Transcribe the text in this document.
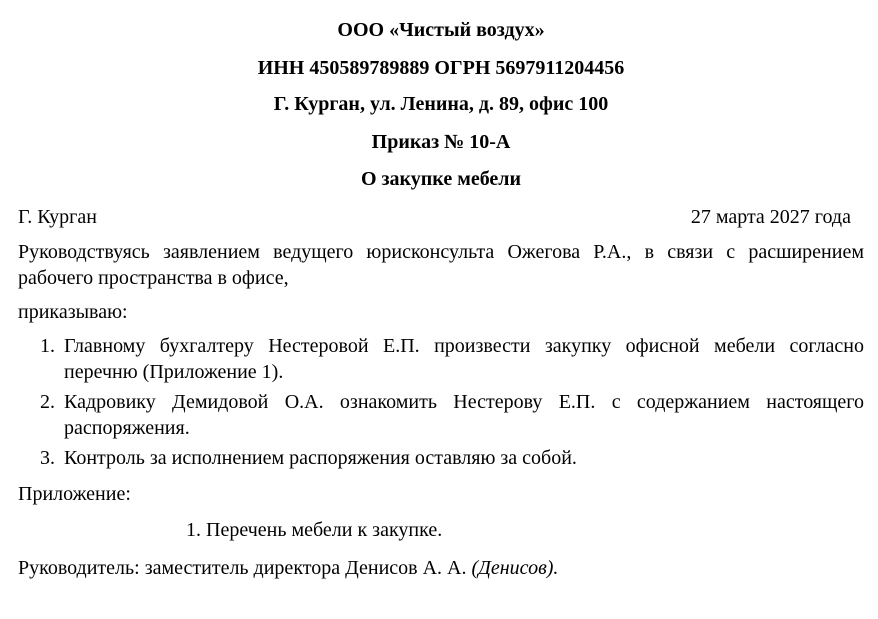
ООО «Чистый воздух»

ИНН 450589789889 ОГРН 5697911204456

Г. Курган, ул. Ленина, д. 89, офис 100

Приказ № 10-А

О закупке мебели

Г. Курган	27 марта 2027 года

Руководствуясь заявлением ведущего юрисконсульта Ожегова Р.А., в связи с расширением рабочего пространства в офисе,

приказываю:

1. Главному бухгалтеру Нестеровой Е.П. произвести закупку офисной мебели согласно перечню (Приложение 1).
2. Кадровику Демидовой О.А. ознакомить Нестерову Е.П. с содержанием настоящего распоряжения.
3. Контроль за исполнением распоряжения оставляю за собой.

Приложение:

1. Перечень мебели к закупке.

Руководитель: заместитель директора Денисов А. А. (Денисов).
